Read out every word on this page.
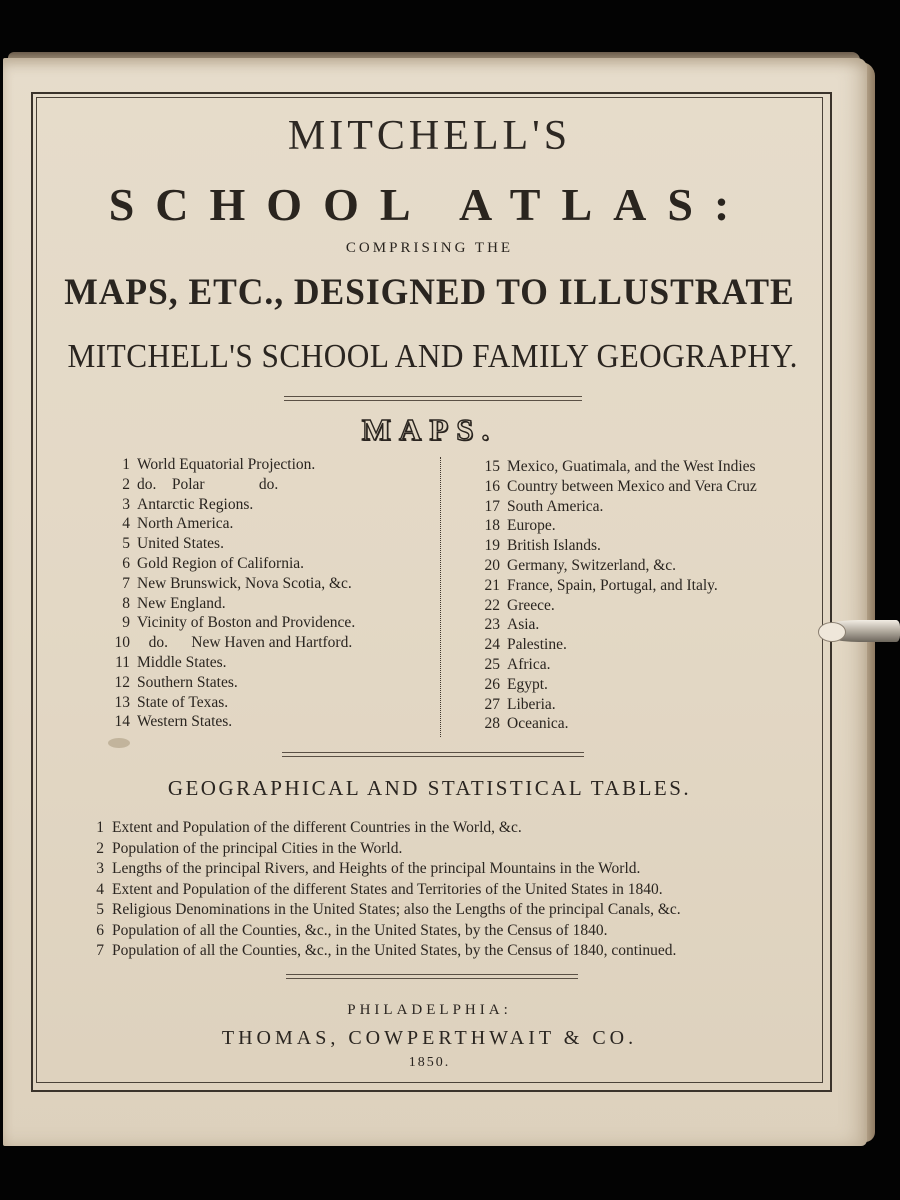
MITCHELL'S
SCHOOL ATLAS:
COMPRISING THE
MAPS, ETC., DESIGNED TO ILLUSTRATE
MITCHELL'S SCHOOL AND FAMILY GEOGRAPHY.
MAPS.
1 World Equatorial Projection.
2 do.    Polar              do.
3 Antarctic Regions.
4 North America.
5 United States.
6 Gold Region of California.
7 New Brunswick, Nova Scotia, &c.
8 New England.
9 Vicinity of Boston and Providence.
10   do.      New Haven and Hartford.
11 Middle States.
12 Southern States.
13 State of Texas.
14 Western States.
15 Mexico, Guatimala, and the West Indies
16 Country between Mexico and Vera Cruz
17 South America.
18 Europe.
19 British Islands.
20 Germany, Switzerland, &c.
21 France, Spain, Portugal, and Italy.
22 Greece.
23 Asia.
24 Palestine.
25 Africa.
26 Egypt.
27 Liberia.
28 Oceanica.
GEOGRAPHICAL AND STATISTICAL TABLES.
1 Extent and Population of the different Countries in the World, &c.
2 Population of the principal Cities in the World.
3 Lengths of the principal Rivers, and Heights of the principal Mountains in the World.
4 Extent and Population of the different States and Territories of the United States in 1840.
5 Religious Denominations in the United States; also the Lengths of the principal Canals, &c.
6 Population of all the Counties, &c., in the United States, by the Census of 1840.
7 Population of all the Counties, &c., in the United States, by the Census of 1840, continued.
PHILADELPHIA:
THOMAS, COWPERTHWAIT & CO.
1850.
